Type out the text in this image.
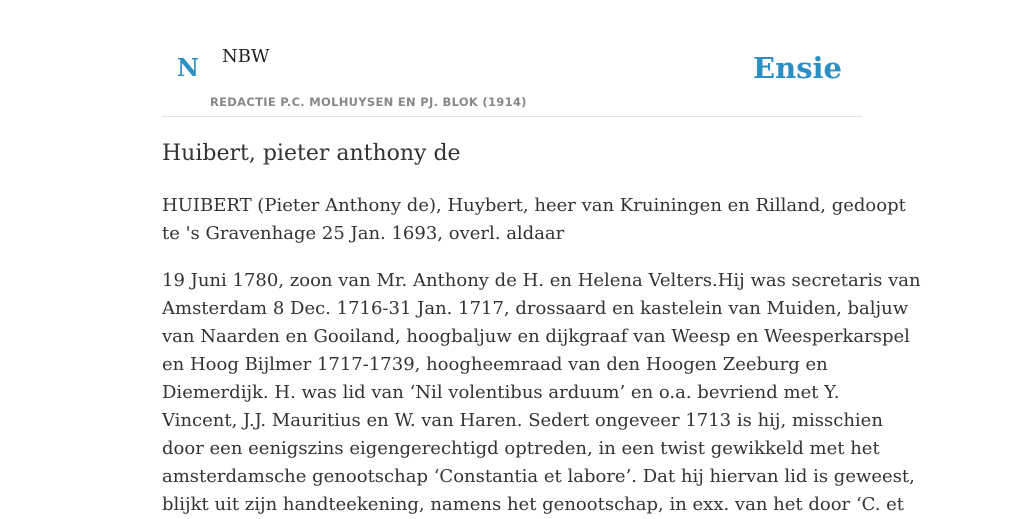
N NBW
REDACTIE P.C. MOLHUYSEN EN PJ. BLOK (1914)
Ensie
Huibert, pieter anthony de

HUIBERT (Pieter Anthony de), Huybert, heer van Kruiningen en Rilland, gedoopt
te 's Gravenhage 25 Jan. 1693, overl. aldaar

19 Juni 1780, zoon van Mr. Anthony de H. en Helena Velters.Hij was secretaris van
Amsterdam 8 Dec. 1716-31 Jan. 1717, drossaard en kastelein van Muiden, baljuw
van Naarden en Gooiland, hoogbaljuw en dijkgraaf van Weesp en Weesperkarspel
en Hoog Bijlmer 1717-1739, hoogheemraad van den Hoogen Zeeburg en
Diemerdijk. H. was lid van ‘Nil volentibus arduum’ en o.a. bevriend met Y.
Vincent, J.J. Mauritius en W. van Haren. Sedert ongeveer 1713 is hij, misschien
door een eenigszins eigengerechtigd optreden, in een twist gewikkeld met het
amsterdamsche genootschap ‘Constantia et labore’. Dat hij hiervan lid is geweest,
blijkt uit zijn handteekening, namens het genootschap, in exx. van het door ‘C. et
